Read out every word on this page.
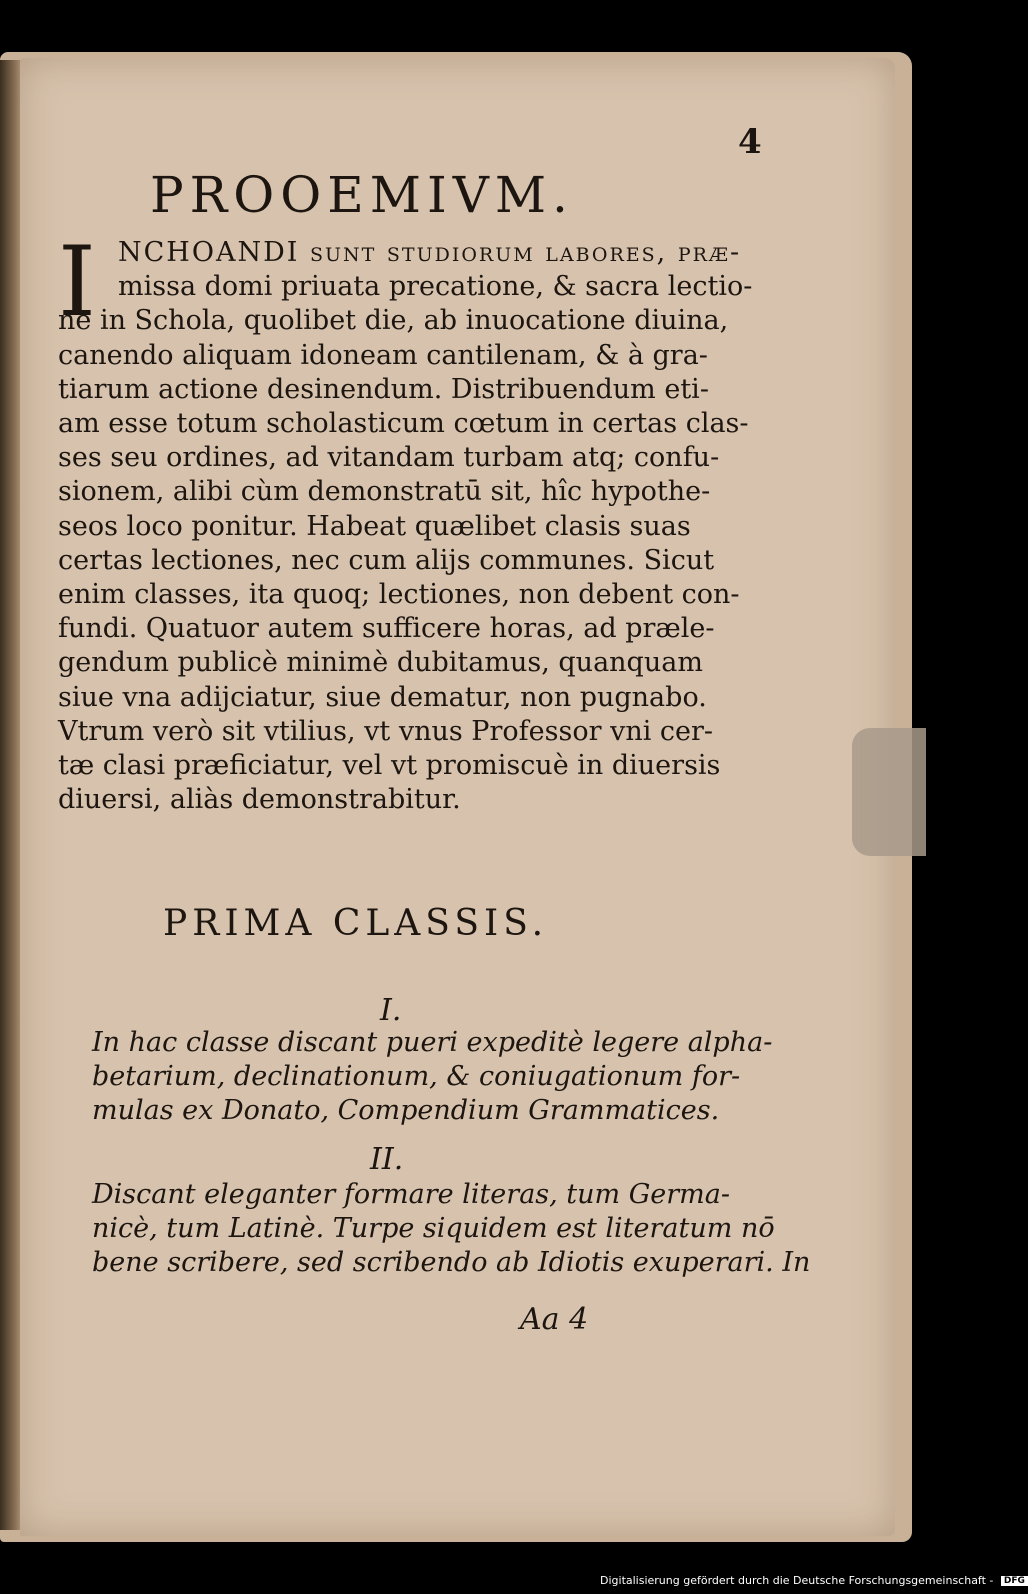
4
PROOEMIVM.
I NCHOANDI sunt studiorum labores, præ-
missa domi priuata precatione, & sacra lectio-
ne in Schola, quolibet die, ab inuocatione diuina,
canendo aliquam idoneam cantilenam, & à gra-
tiarum actione desinendum. Distribuendum eti-
am esse totum scholasticum cœtum in certas clas-
ses seu ordines, ad vitandam turbam atq; confu-
sionem, alibi cùm demonstratū sit, hîc hypothe-
seos loco ponitur. Habeat quælibet clasis suas
certas lectiones, nec cum alijs communes. Sicut
enim classes, ita quoq; lectiones, non debent con-
fundi. Quatuor autem sufficere horas, ad præle-
gendum publicè minimè dubitamus, quanquam
siue vna adijciatur, siue dematur, non pugnabo.
Vtrum verò sit vtilius, vt vnus Professor vni cer-
tæ clasi præficiatur, vel vt promiscuè in diuersis
diuersi, aliàs demonstrabitur.
PRIMA CLASSIS.
I.
In hac classe discant pueri expeditè legere alpha-
betarium, declinationum, & coniugationum for-
mulas ex Donato, Compendium Grammatices.
II.
Discant eleganter formare literas, tum Germa-
nicè, tum Latinè. Turpe siquidem est literatum nō
bene scribere, sed scribendo ab Idiotis exuperari. In
Aa 4
Digitalisierung gefördert durch die Deutsche Forschungsgemeinschaft - DFG
